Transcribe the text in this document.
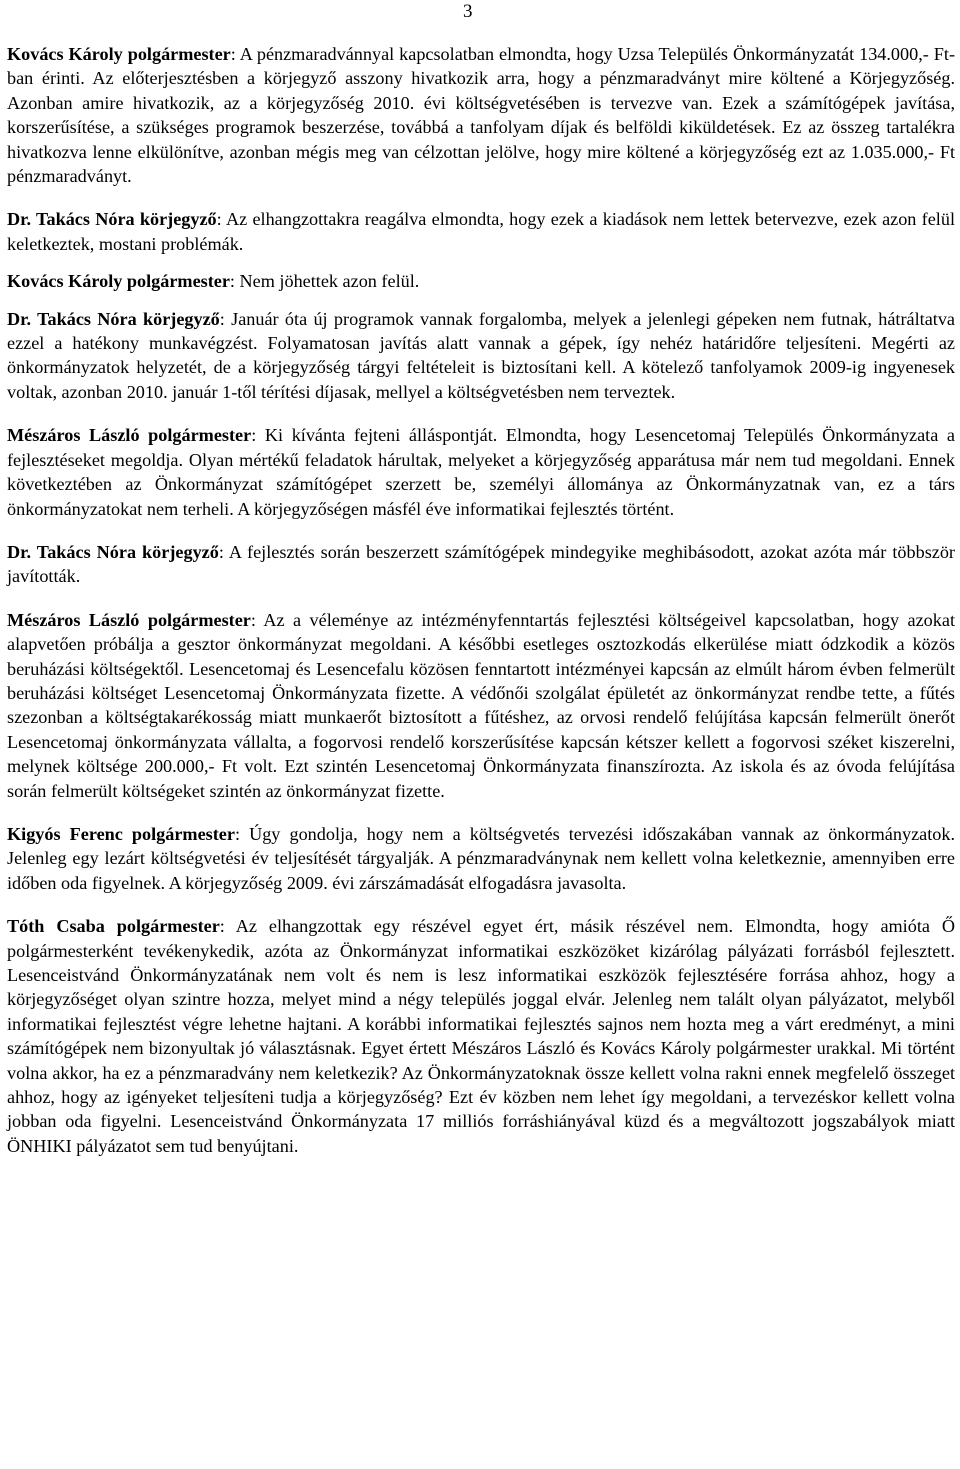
3

Kovács Károly polgármester: A pénzmaradvánnyal kapcsolatban elmondta, hogy Uzsa Település Önkormányzatát 134.000,- Ft-ban érinti. Az előterjesztésben a körjegyző asszony hivatkozik arra, hogy a pénzmaradványt mire költené a Körjegyzőség. Azonban amire hivatkozik, az a körjegyzőség 2010. évi költségvetésében is tervezve van. Ezek a számítógépek javítása, korszerűsítése, a szükséges programok beszerzése, továbbá a tanfolyam díjak és belföldi kiküldetések. Ez az összeg tartalékra hivatkozva lenne elkülönítve, azonban mégis meg van célzottan jelölve, hogy mire költené a körjegyzőség ezt az 1.035.000,- Ft pénzmaradványt.

Dr. Takács Nóra körjegyző: Az elhangzottakra reagálva elmondta, hogy ezek a kiadások nem lettek betervezve, ezek azon felül keletkeztek, mostani problémák.

Kovács Károly polgármester: Nem jöhettek azon felül.

Dr. Takács Nóra körjegyző: Január óta új programok vannak forgalomba, melyek a jelenlegi gépeken nem futnak, hátráltatva ezzel a hatékony munkavégzést. Folyamatosan javítás alatt vannak a gépek, így nehéz határidőre teljesíteni. Megérti az önkormányzatok helyzetét, de a körjegyzőség tárgyi feltételeit is biztosítani kell. A kötelező tanfolyamok 2009-ig ingyenesek voltak, azonban 2010. január 1-től térítési díjasak, mellyel a költségvetésben nem terveztek.

Mészáros László polgármester: Ki kívánta fejteni álláspontját. Elmondta, hogy Lesencetomaj Település Önkormányzata a fejlesztéseket megoldja. Olyan mértékű feladatok hárultak, melyeket a körjegyzőség apparátusa már nem tud megoldani. Ennek következtében az Önkormányzat számítógépet szerzett be, személyi állománya az Önkormányzatnak van, ez a társ önkormányzatokat nem terheli. A körjegyzőségen másfél éve informatikai fejlesztés történt.

Dr. Takács Nóra körjegyző: A fejlesztés során beszerzett számítógépek mindegyike meghibásodott, azokat azóta már többször javították.

Mészáros László polgármester: Az a véleménye az intézményfenntartás fejlesztési költségeivel kapcsolatban, hogy azokat alapvetően próbálja a gesztor önkormányzat megoldani. A későbbi esetleges osztozkodás elkerülése miatt ódzkodik a közös beruházási költségektől. Lesencetomaj és Lesencefalu közösen fenntartott intézményei kapcsán az elmúlt három évben felmerült beruházási költséget Lesencetomaj Önkormányzata fizette. A védőnői szolgálat épületét az önkormányzat rendbe tette, a fűtés szezonban a költségtakarékosság miatt munkaerőt biztosított a fűtéshez, az orvosi rendelő felújítása kapcsán felmerült önerőt Lesencetomaj önkormányzata vállalta, a fogorvosi rendelő korszerűsítése kapcsán kétszer kellett a fogorvosi széket kiszerelni, melynek költsége 200.000,- Ft volt. Ezt szintén Lesencetomaj Önkormányzata finanszírozta. Az iskola és az óvoda felújítása során felmerült költségeket szintén az önkormányzat fizette.

Kigyós Ferenc polgármester: Úgy gondolja, hogy nem a költségvetés tervezési időszakában vannak az önkormányzatok. Jelenleg egy lezárt költségvetési év teljesítését tárgyalják. A pénzmaradványnak nem kellett volna keletkeznie, amennyiben erre időben oda figyelnek. A körjegyzőség 2009. évi zárszámadását elfogadásra javasolta.

Tóth Csaba polgármester: Az elhangzottak egy részével egyet ért, másik részével nem. Elmondta, hogy amióta Ő polgármesterként tevékenykedik, azóta az Önkormányzat informatikai eszközöket kizárólag pályázati forrásból fejlesztett. Lesenceistvánd Önkormányzatának nem volt és nem is lesz informatikai eszközök fejlesztésére forrása ahhoz, hogy a körjegyzőséget olyan szintre hozza, melyet mind a négy település joggal elvár. Jelenleg nem talált olyan pályázatot, melyből informatikai fejlesztést végre lehetne hajtani. A korábbi informatikai fejlesztés sajnos nem hozta meg a várt eredményt, a mini számítógépek nem bizonyultak jó választásnak. Egyet értett Mészáros László és Kovács Károly polgármester urakkal. Mi történt volna akkor, ha ez a pénzmaradvány nem keletkezik? Az Önkormányzatoknak össze kellett volna rakni ennek megfelelő összeget ahhoz, hogy az igényeket teljesíteni tudja a körjegyzőség? Ezt év közben nem lehet így megoldani, a tervezéskor kellett volna jobban oda figyelni. Lesenceistvánd Önkormányzata 17 milliós forráshiányával küzd és a megváltozott jogszabályok miatt ÖNHIKI pályázatot sem tud benyújtani.
